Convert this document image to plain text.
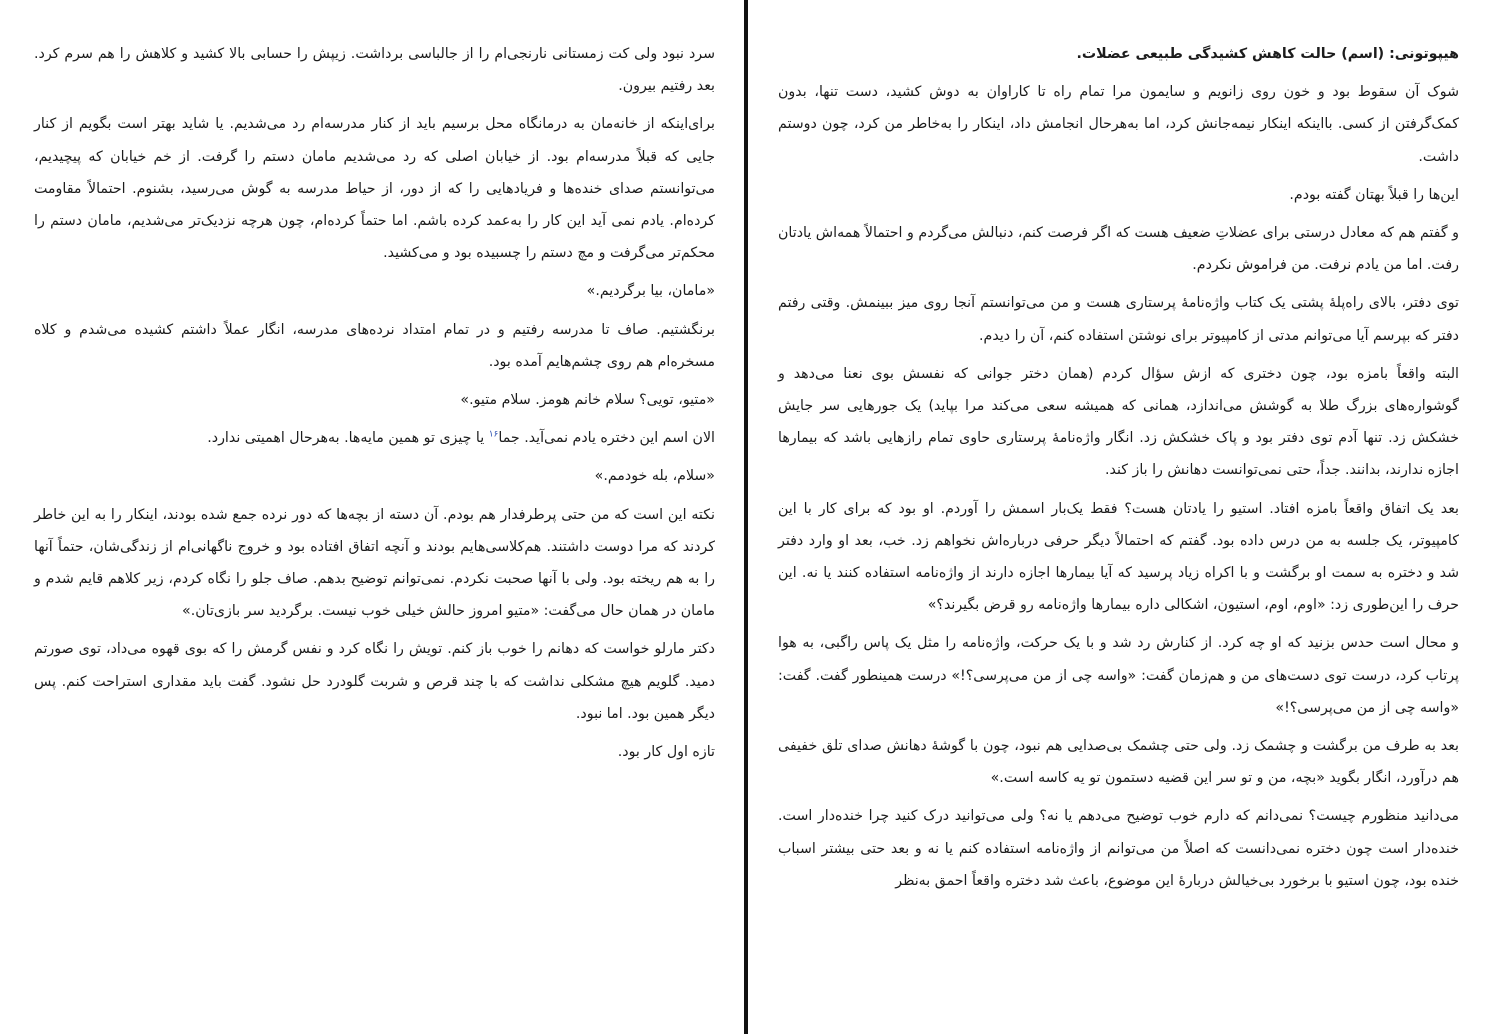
سرد نبود ولی کت زمستانی نارنجی‌ام را از جالباسی برداشت. زیپش را حسابی بالا کشید و کلاهش را هم سرم کرد. بعد رفتیم بیرون.

برای‌اینکه از خانه‌مان به درمانگاه محل برسیم باید از کنار مدرسه‌ام رد می‌شدیم. یا شاید بهتر است بگویم از کنار جایی که قبلاً مدرسه‌ام بود. از خیابان اصلی که رد می‌شدیم مامان دستم را گرفت. از خم خیابان که پیچیدیم، می‌توانستم صدای خنده‌ها و فریادهایی را که از دور، از حیاط مدرسه به گوش می‌رسید، بشنوم. احتمالاً مقاومت کرده‌ام. یادم نمی آید این کار را به‌عمد کرده باشم. اما حتماً کرده‌ام، چون هرچه نزدیک‌تر می‌شدیم، مامان دستم را محکم‌تر می‌گرفت و مچ دستم را چسبیده بود و می‌کشید.

«مامان، بیا برگردیم.»

برنگشتیم. صاف تا مدرسه رفتیم و در تمام امتداد نرده‌های مدرسه، انگار عملاً داشتم کشیده می‌شدم و کلاه مسخره‌ام هم روی چشم‌هایم آمده بود.

«متیو، تویی؟ سلام خانم هومز. سلام متیو.»

الان اسم این دختره یادم نمی‌آید. جما$^{۱۶}$ یا چیزی تو همین مایه‌ها. به‌هرحال اهمیتی ندارد.

«سلام، بله خودمم.»

نکته این است که من حتی پرطرفدار هم بودم. آن دسته از بچه‌ها که دور نرده جمع شده بودند، اینکار را به این خاطر کردند که مرا دوست داشتند. هم‌کلاسی‌هایم بودند و آنچه اتفاق افتاده بود و خروج ناگهانی‌ام از زندگی‌شان، حتماً آنها را به هم ریخته بود. ولی با آنها صحبت نکردم. نمی‌توانم توضیح بدهم. صاف جلو را نگاه کردم، زیر کلاهم قایم شدم و مامان در همان حال می‌گفت: «متیو امروز حالش خیلی خوب نیست. برگردید سر بازی‌تان.»

دکتر مارلو خواست که دهانم را خوب باز کنم. تویش را نگاه کرد و نفس گرمش را که بوی قهوه می‌داد، توی صورتم دمید. گلویم هیچ مشکلی نداشت که با چند قرص و شربت گلودرد حل نشود. گفت باید مقداری استراحت کنم. پس دیگر همین بود. اما نبود.

تازه اول کار بود.

هیپوتونی: (اسم) حالت کاهش کشیدگی طبیعی عضلات.

شوک آن سقوط بود و خون روی زانویم و سایمون مرا تمام راه تا کاراوان به دوش کشید، دست تنها، بدون کمک‌گرفتن از کسی. بااینکه اینکار نیمه‌جانش کرد، اما به‌هرحال انجامش داد، اینکار را به‌خاطر من کرد، چون دوستم داشت.

این‌ها را قبلاً بهتان گفته بودم.

و گفتم هم که معادل درستی برای عضلاتِ ضعیف هست که اگر فرصت کنم، دنبالش می‌گردم و احتمالاً همه‌اش یادتان رفت. اما من یادم نرفت. من فراموش نکردم.

توی دفتر، بالای راه‌پلهٔ پشتی یک کتاب واژه‌نامهٔ پرستاری هست و من می‌توانستم آنجا روی میز ببینمش. وقتی رفتم دفتر که بپرسم آیا می‌توانم مدتی از کامپیوتر برای نوشتن استفاده کنم، آن را دیدم.

البته واقعاً بامزه بود، چون دختری که ازش سؤال کردم (همان دختر جوانی که نفسش بوی نعنا می‌دهد و گوشواره‌های بزرگ طلا به گوشش می‌اندازد، همانی که همیشه سعی می‌کند مرا بپاید) یک جورهایی سر جایش خشکش زد. تنها آدم توی دفتر بود و پاک خشکش زد. انگار واژه‌نامهٔ پرستاری حاوی تمام رازهایی باشد که بیمارها اجازه ندارند، بدانند. جداً، حتی نمی‌توانست دهانش را باز کند.

بعد یک اتفاق واقعاً بامزه افتاد. استیو را یادتان هست؟ فقط یک‌بار اسمش را آوردم. او بود که برای کار با این کامپیوتر، یک جلسه به من درس داده بود. گفتم که احتمالاً دیگر حرفی درباره‌اش نخواهم زد. خب، بعد او وارد دفتر شد و دختره به سمت او برگشت و با اکراه زیاد پرسید که آیا بیمارها اجازه دارند از واژه‌نامه استفاده کنند یا نه. این حرف را این‌طوری زد: «اوم، اوم، استیون، اشکالی داره بیمارها واژه‌نامه رو قرض بگیرند؟»

و محال است حدس بزنید که او چه کرد. از کنارش رد شد و با یک حرکت، واژه‌نامه را مثل یک پاس راگبی، به هوا پرتاب کرد، درست توی دست‌های من و هم‌زمان گفت: «واسه چی از من می‌پرسی؟!» درست همینطور گفت. گفت: «واسه چی از من می‌پرسی؟!»

بعد به طرف من برگشت و چشمک زد. ولی حتی چشمک بی‌صدایی هم نبود، چون با گوشهٔ دهانش صدای تلق خفیفی هم درآورد، انگار بگوید «بچه، من و تو سر این قضیه دستمون تو یه کاسه است.»

می‌دانید منظورم چیست؟ نمی‌دانم که دارم خوب توضیح می‌دهم یا نه؟ ولی می‌توانید درک کنید چرا خنده‌دار است. خنده‌دار است چون دختره نمی‌دانست که اصلاً من می‌توانم از واژه‌نامه استفاده کنم یا نه و بعد حتی بیشتر اسباب خنده بود، چون استیو با برخورد بی‌خیالش دربارهٔ این موضوع، باعث شد دختره واقعاً احمق به‌نظر
